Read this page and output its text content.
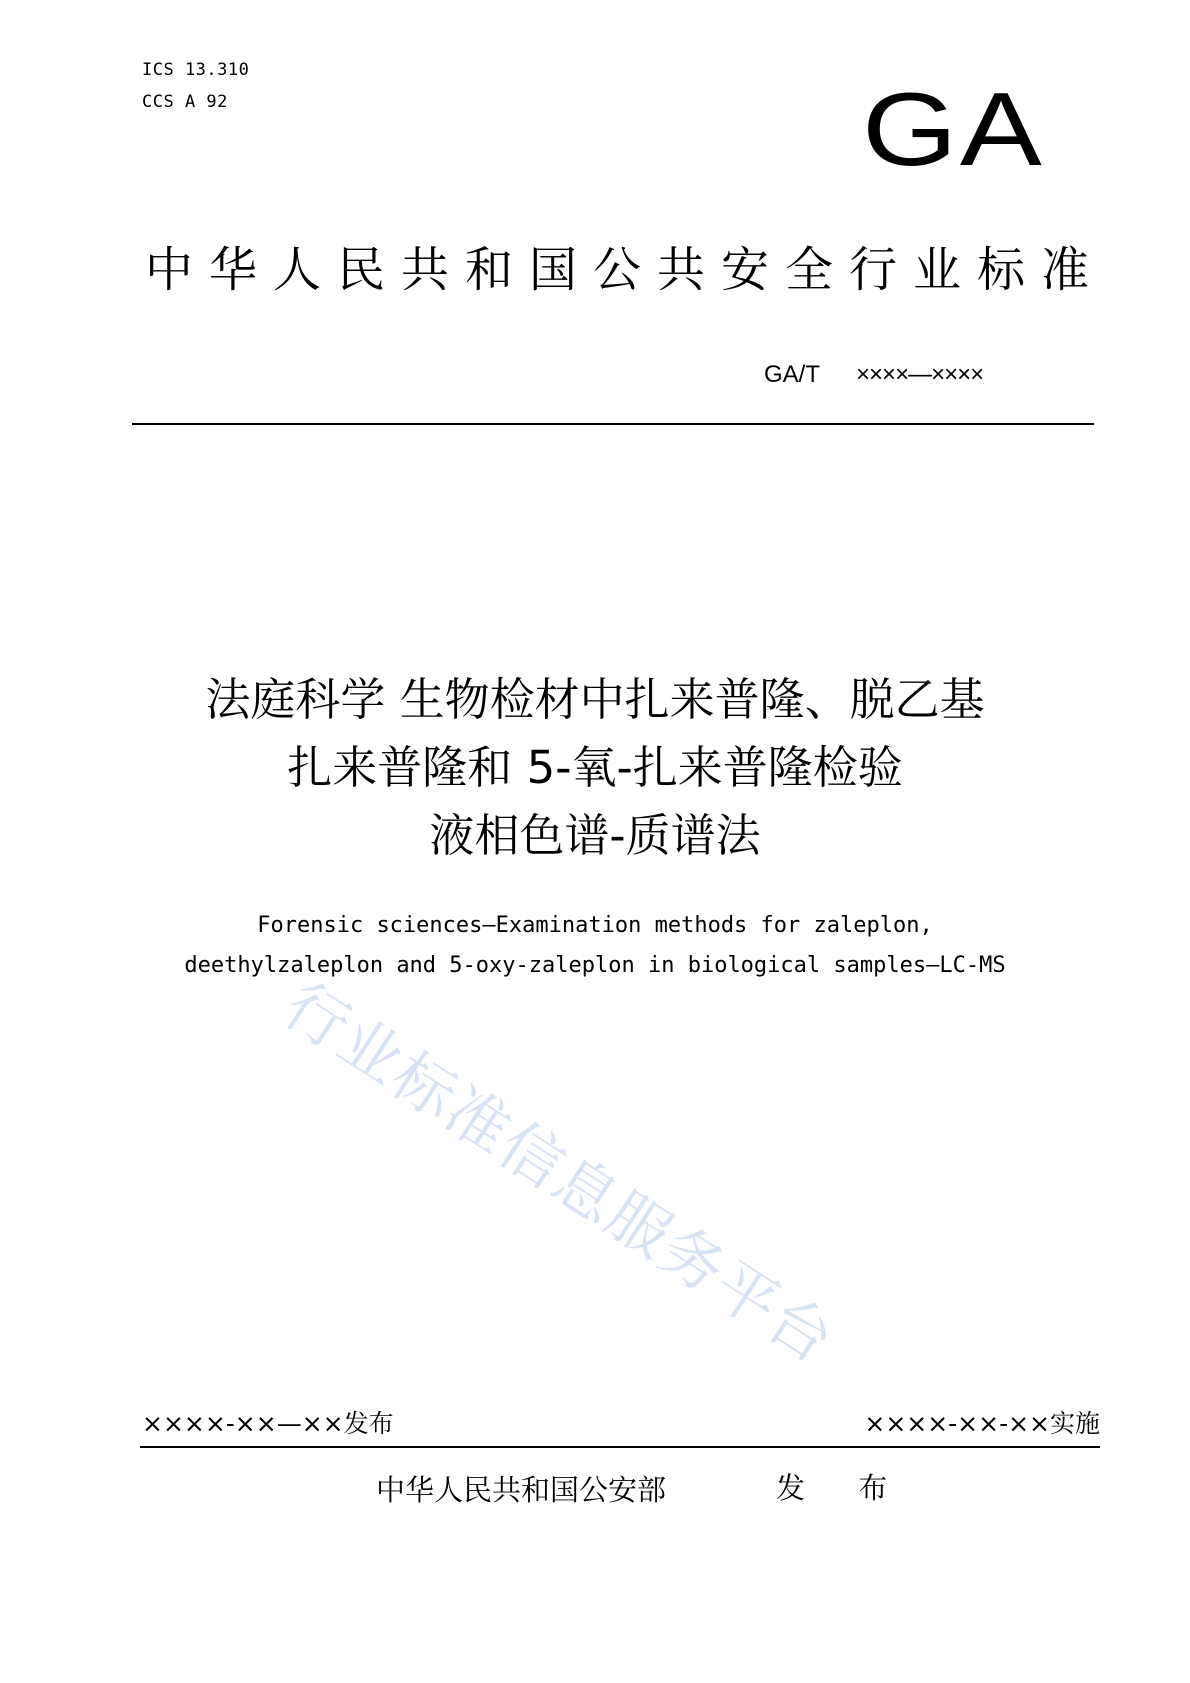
ICS 13.310
CCS A 92	GA
中华人民共和国公共安全行业标准
GA/T ××××—××××
法庭科学 生物检材中扎来普隆、脱乙基
扎来普隆和 5-氧-扎来普隆检验
液相色谱-质谱法
Forensic sciences—Examination methods for zaleplon,
deethylzaleplon and 5-oxy-zaleplon in biological samples—LC-MS
行业标准信息服务平台
××××-××—××发布	××××-××-××实施
中华人民共和国公安部	发 布
